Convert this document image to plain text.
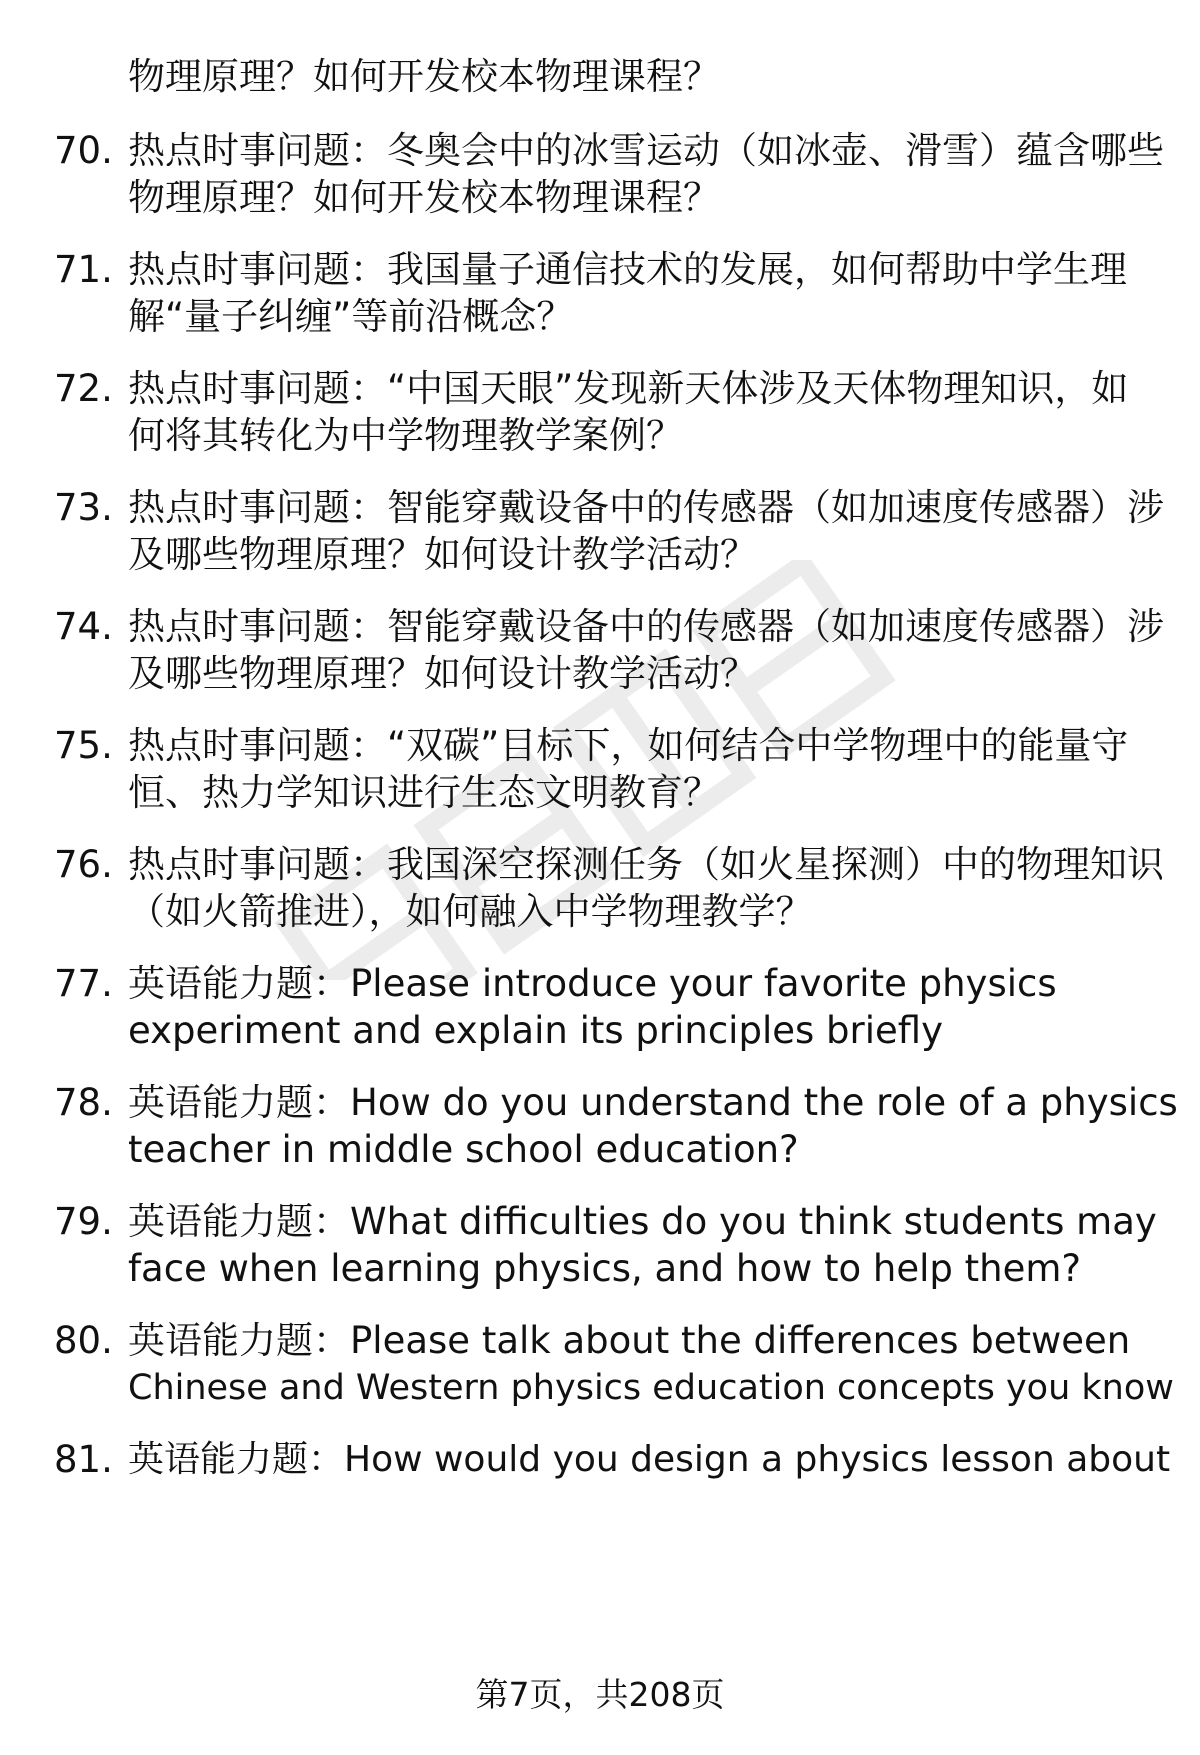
物理原理？如何开发校本物理课程？
70. 热点时事问题：冬奥会中的冰雪运动（如冰壶、滑雪）蕴含哪些
物理原理？如何开发校本物理课程？
71. 热点时事问题：我国量子通信技术的发展，如何帮助中学生理
解“量子纠缠”等前沿概念？
72. 热点时事问题：“中国天眼”发现新天体涉及天体物理知识，如
何将其转化为中学物理教学案例？
73. 热点时事问题：智能穿戴设备中的传感器（如加速度传感器）涉
及哪些物理原理？如何设计教学活动？
74. 热点时事问题：智能穿戴设备中的传感器（如加速度传感器）涉
及哪些物理原理？如何设计教学活动？
75. 热点时事问题：“双碳”目标下，如何结合中学物理中的能量守
恒、热力学知识进行生态文明教育？
76. 热点时事问题：我国深空探测任务（如火星探测）中的物理知识
（如火箭推进），如何融入中学物理教学？
77. 英语能力题：Please introduce your favorite physics
experiment and explain its principles briefly
78. 英语能力题：How do you understand the role of a physics
teacher in middle school education?
79. 英语能力题：What difficulties do you think students may
face when learning physics, and how to help them?
80. 英语能力题：Please talk about the differences between
Chinese and Western physics education concepts you know
81. 英语能力题：How would you design a physics lesson about
第7页，共208页
